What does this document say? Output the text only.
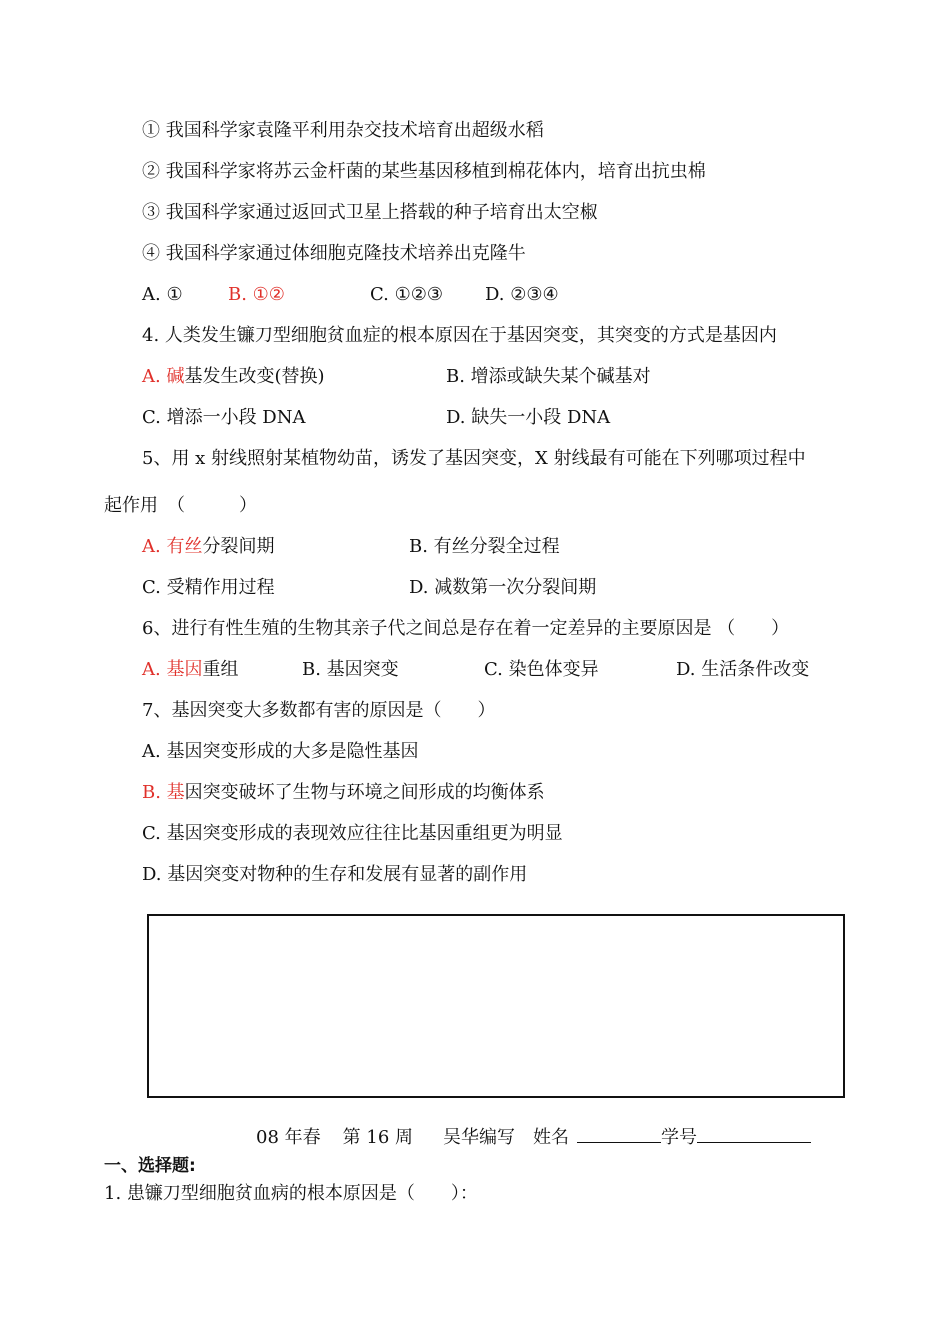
① 我国科学家袁隆平利用杂交技术培育出超级水稻
② 我国科学家将苏云金杆菌的某些基因移植到棉花体内，培育出抗虫棉
③ 我国科学家通过返回式卫星上搭载的种子培育出太空椒
④ 我国科学家通过体细胞克隆技术培养出克隆牛
A. ①	B. ①②	C. ①②③ D. ②③④
4. 人类发生镰刀型细胞贫血症的根本原因在于基因突变，其突变的方式是基因内
A. 碱基发生改变(替换)	B. 增添或缺失某个碱基对
C. 增添一小段 DNA	D. 缺失一小段 DNA
5、用 x 射线照射某植物幼苗，诱发了基因突变，X 射线最有可能在下列哪项过程中
起作用　（　　　）
A. 有丝分裂间期	B. 有丝分裂全过程
C. 受精作用过程	D. 减数第一次分裂间期
6、进行有性生殖的生物其亲子代之间总是存在着一定差异的主要原因是 （　　）
A. 基因重组	B. 基因突变	C. 染色体变异	D. 生活条件改变
7、基因突变大多数都有害的原因是（　　）
A. 基因突变形成的大多是隐性基因
B. 基因突变破坏了生物与环境之间形成的均衡体系
C. 基因突变形成的表现效应往往比基因重组更为明显
D. 基因突变对物种的生存和发展有显著的副作用
08 年春 第 16 周 吴华编写 姓名	学号
一、选择题:
1. 患镰刀型细胞贫血病的根本原因是（　　）：
